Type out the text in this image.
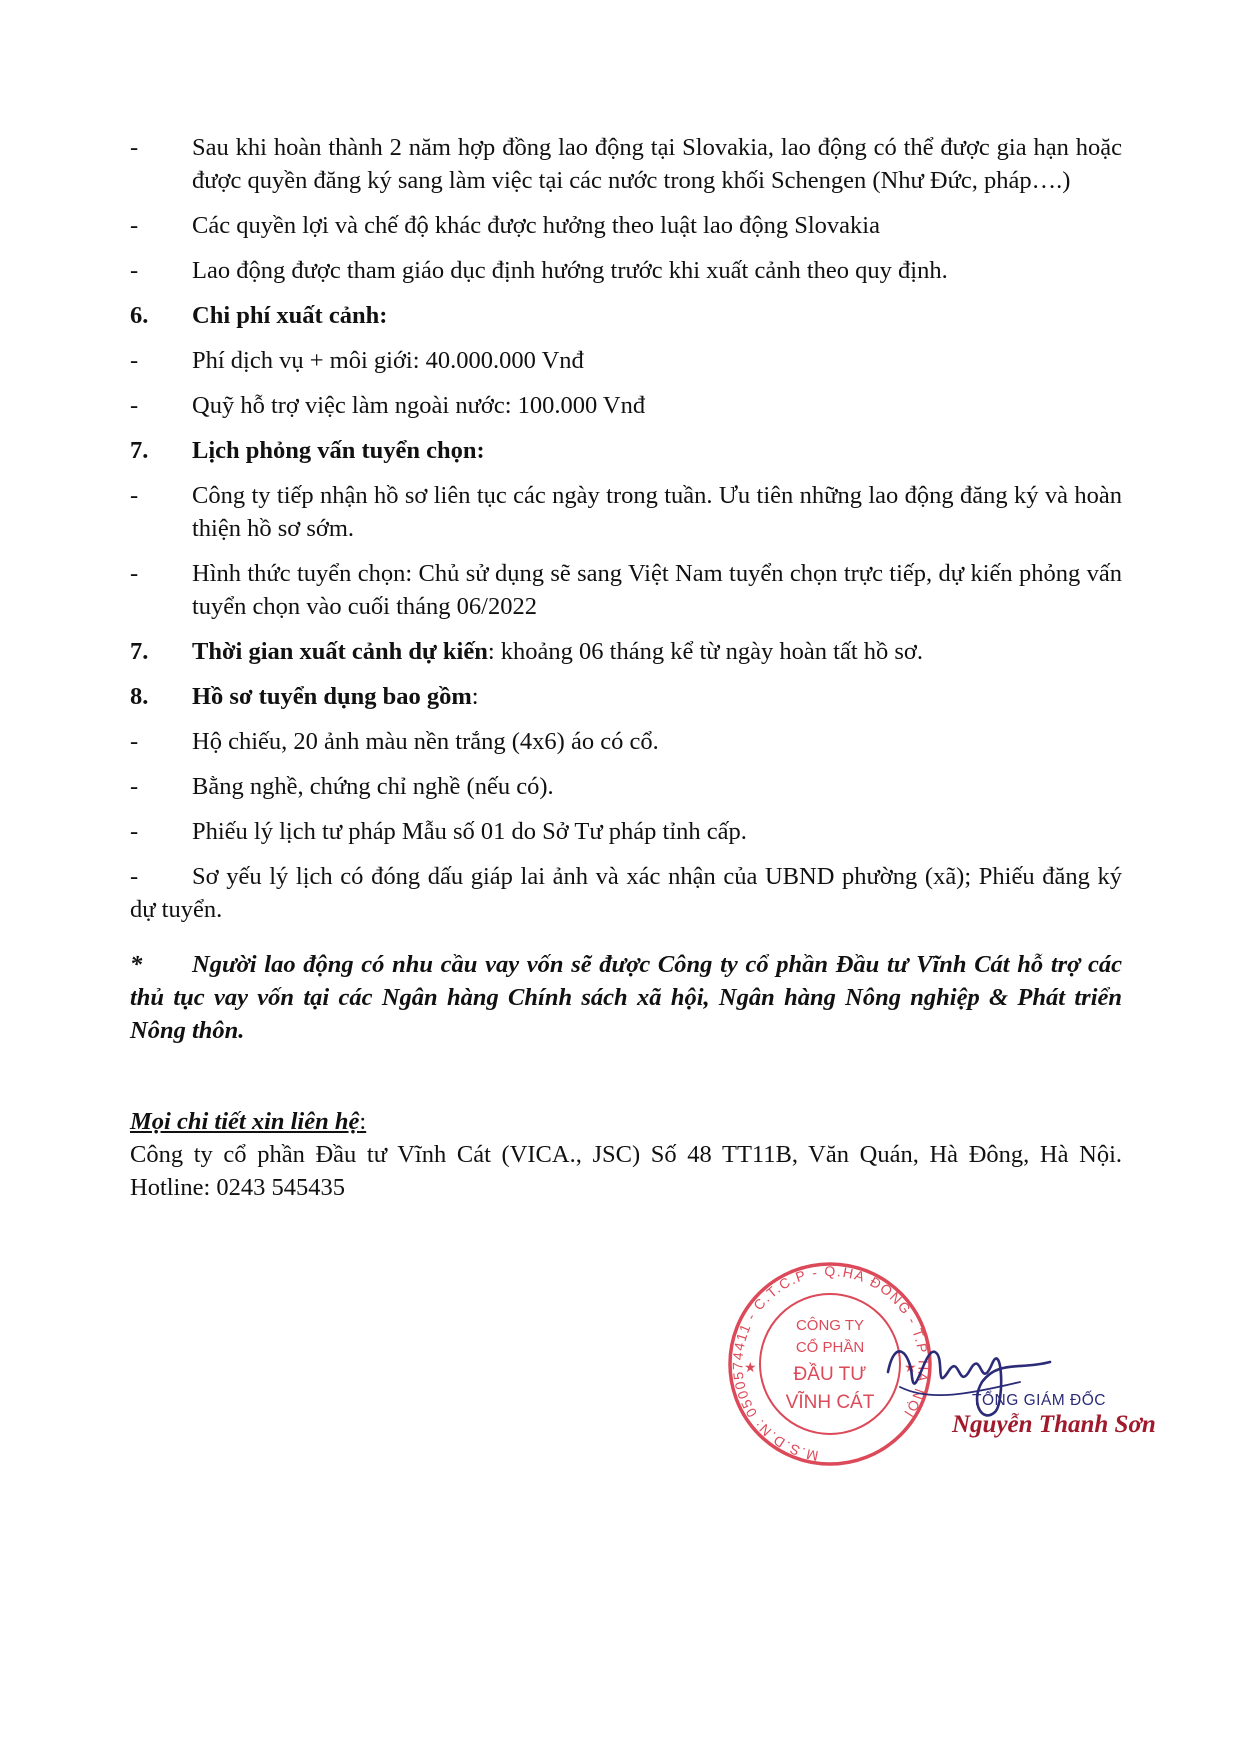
-	Sau khi hoàn thành 2 năm hợp đồng lao động tại Slovakia, lao động có thể được gia hạn hoặc được quyền đăng ký sang làm việc tại các nước trong khối Schengen (Như Đức, pháp….)
-	Các quyền lợi và chế độ khác được hưởng theo luật lao động Slovakia
-	Lao động được tham giáo dục định hướng trước khi xuất cảnh theo quy định.
6.	Chi phí xuất cảnh:
-	Phí dịch vụ + môi giới: 40.000.000 Vnđ
-	Quỹ hỗ trợ việc làm ngoài nước: 100.000 Vnđ
7.	Lịch phỏng vấn tuyển chọn:
-	Công ty tiếp nhận hồ sơ liên tục các ngày trong tuần. Ưu tiên những lao động đăng ký và hoàn thiện hồ sơ sớm.
-	Hình thức tuyển chọn: Chủ sử dụng sẽ sang Việt Nam tuyển chọn trực tiếp, dự kiến phỏng vấn tuyển chọn vào cuối tháng 06/2022
7.	Thời gian xuất cảnh dự kiến: khoảng 06 tháng kể từ ngày hoàn tất hồ sơ.
8.	Hồ sơ tuyển dụng bao gồm:
-	Hộ chiếu, 20 ảnh màu nền trắng (4x6) áo có cổ.
-	Bằng nghề, chứng chỉ nghề (nếu có).
-	Phiếu lý lịch tư pháp Mẫu số 01 do Sở Tư pháp tỉnh cấp.
- Sơ yếu lý lịch có đóng dấu giáp lai ảnh và xác nhận của UBND phường (xã); Phiếu đăng ký dự tuyển.
* Người lao động có nhu cầu vay vốn sẽ được Công ty cổ phần Đầu tư Vĩnh Cát hỗ trợ các thủ tục vay vốn tại các Ngân hàng Chính sách xã hội, Ngân hàng Nông nghiệp & Phát triển Nông thôn.
Mọi chi tiết xin liên hệ:
Công ty cổ phần Đầu tư Vĩnh Cát (VICA., JSC) Số 48 TT11B, Văn Quán, Hà Đông, Hà Nội. Hotline: 0243 545435
M.S.D.N: 0500574411 - C.T.C.P - Q.HÀ ĐÔNG - T.P HÀ NỘI
★	★
CÔNG TY
CỔ PHẦN
ĐẦU TƯ
VĨNH CÁT	TỔNG GIÁM ĐỐC
Nguyễn Thanh Sơn
